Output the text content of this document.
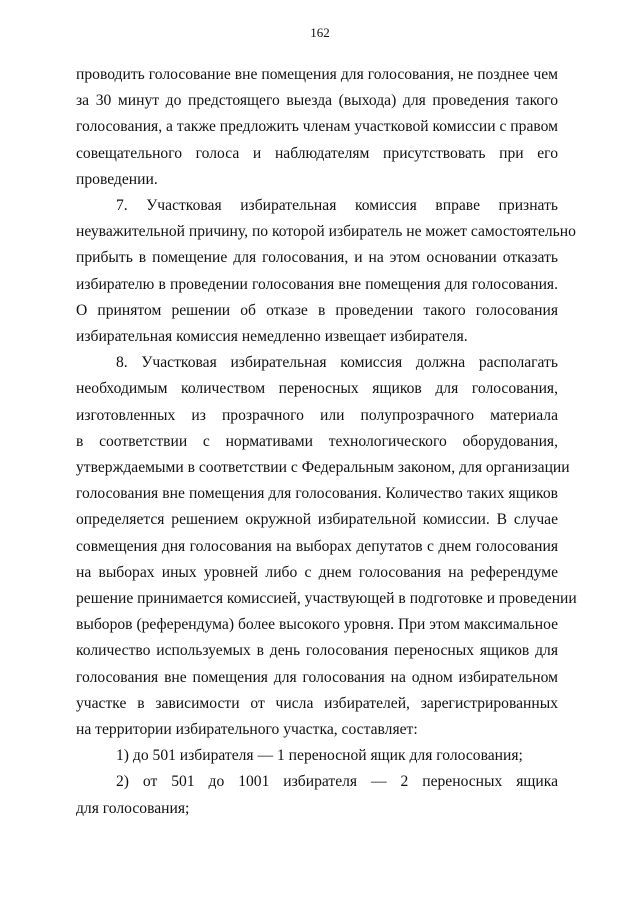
162
проводить голосование вне помещения для голосования, не позднее чем
за 30 минут до предстоящего выезда (выхода) для проведения такого
голосования, а также предложить членам участковой комиссии с правом
совещательного голоса и наблюдателям присутствовать при его
проведении.
7. Участковая избирательная комиссия вправе признать
неуважительной причину, по которой избиратель не может самостоятельно
прибыть в помещение для голосования, и на этом основании отказать
избирателю в проведении голосования вне помещения для голосования.
О принятом решении об отказе в проведении такого голосования
избирательная комиссия немедленно извещает избирателя.
8. Участковая избирательная комиссия должна располагать
необходимым количеством переносных ящиков для голосования,
изготовленных из прозрачного или полупрозрачного материала
в соответствии с нормативами технологического оборудования,
утверждаемыми в соответствии с Федеральным законом, для организации
голосования вне помещения для голосования. Количество таких ящиков
определяется решением окружной избирательной комиссии. В случае
совмещения дня голосования на выборах депутатов с днем голосования
на выборах иных уровней либо с днем голосования на референдуме
решение принимается комиссией, участвующей в подготовке и проведении
выборов (референдума) более высокого уровня. При этом максимальное
количество используемых в день голосования переносных ящиков для
голосования вне помещения для голосования на одном избирательном
участке в зависимости от числа избирателей, зарегистрированных
на территории избирательного участка, составляет:
1) до 501 избирателя — 1 переносной ящик для голосования;
2) от 501 до 1001 избирателя — 2 переносных ящика
для голосования;
